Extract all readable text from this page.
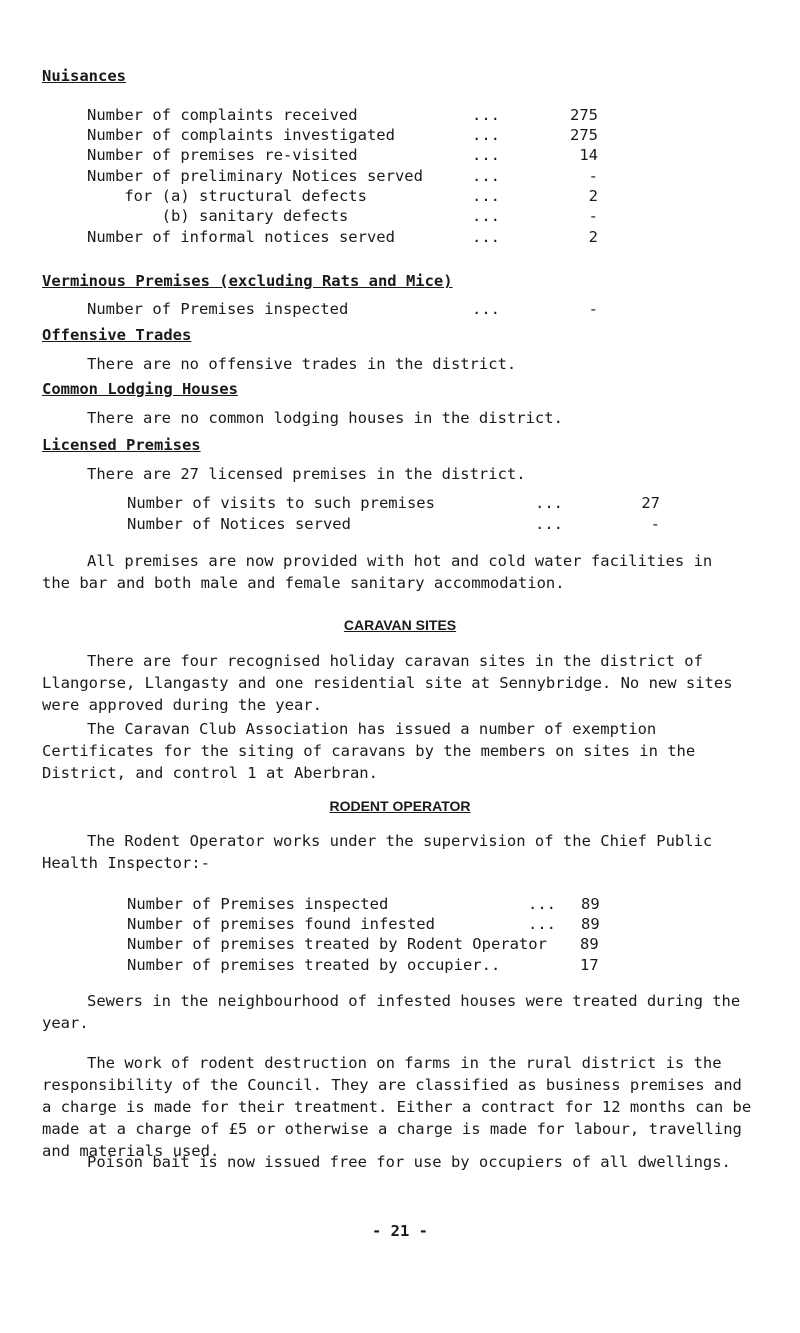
Nuisances
Number of complaints received	...	275
Number of complaints investigated	...	275
Number of premises re-visited	...	14
Number of preliminary Notices served	...	-
for (a) structural defects	...	2
(b) sanitary defects	...	-
Number of informal notices served	...	2
Verminous Premises (excluding Rats and Mice)
Number of Premises inspected	...	-
Offensive Trades
There are no offensive trades in the district.
Common Lodging Houses
There are no common lodging houses in the district.
Licensed Premises
There are 27 licensed premises in the district.
Number of visits to such premises	...	27
Number of Notices served	...	-
All premises are now provided with hot and cold water facilities in the bar and both male and female sanitary accommodation.
CARAVAN SITES
There are four recognised holiday caravan sites in the district of Llangorse, Llangasty and one residential site at Sennybridge. No new sites were approved during the year.
The Caravan Club Association has issued a number of exemption Certificates for the siting of caravans by the members on sites in the District, and control 1 at Aberbran.
RODENT OPERATOR
The Rodent Operator works under the supervision of the Chief Public Health Inspector:-
Number of Premises inspected	... 89
Number of premises found infested	... 89
Number of premises treated by Rodent Operator 89
Number of premises treated by occupier..	17
Sewers in the neighbourhood of infested houses were treated during the year.
The work of rodent destruction on farms in the rural district is the responsibility of the Council. They are classified as business premises and a charge is made for their treatment. Either a contract for 12 months can be made at a charge of £5 or otherwise a charge is made for labour, travelling and materials used.
Poison bait is now issued free for use by occupiers of all dwellings.
- 21 -
